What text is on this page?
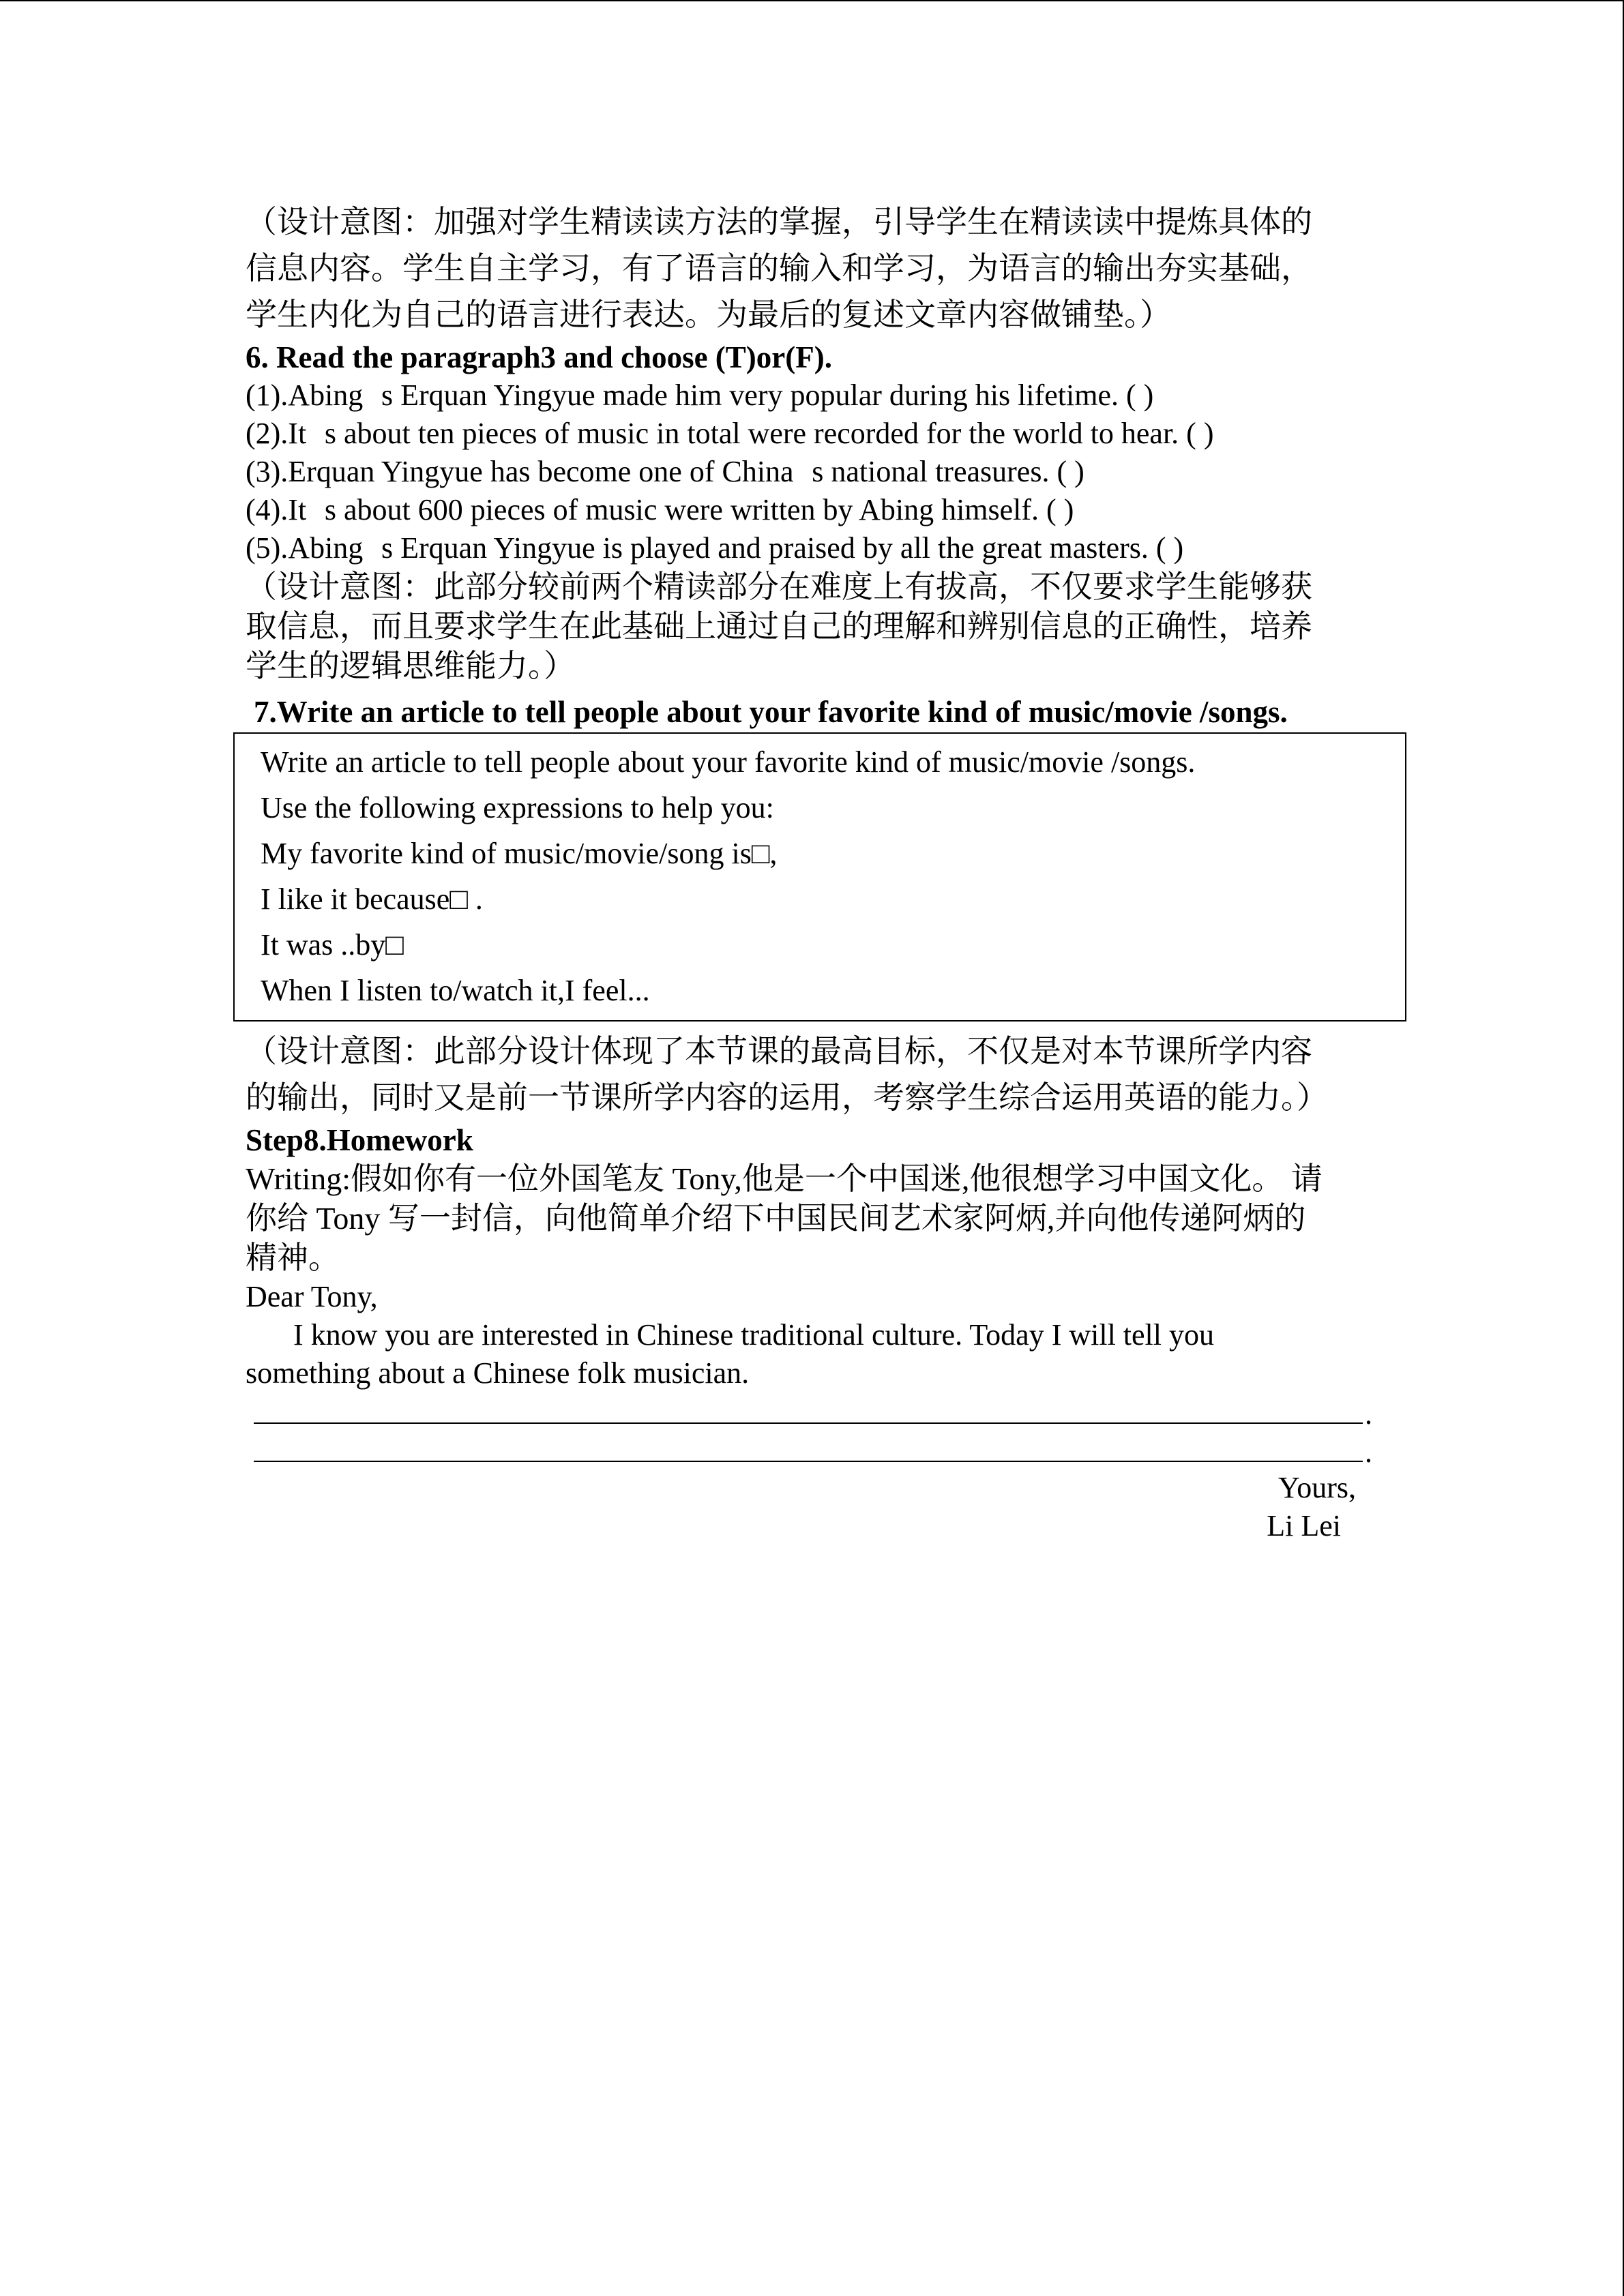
（设计意图：加强对学生精读读方法的掌握，引导学生在精读读中提炼具体的
信息内容。学生自主学习，有了语言的输入和学习，为语言的输出夯实基础，
学生内化为自己的语言进行表达。为最后的复述文章内容做铺垫。）
6. Read the paragraph3 and choose (T)or(F).
(1).Abings Erquan Yingyue made him very popular during his lifetime. ( )
(2).Its about ten pieces of music in total were recorded for the world to hear. ( )
(3).Erquan Yingyue has become one of Chinas national treasures. ( )
(4).Its about 600 pieces of music were written by Abing himself. ( )
(5).Abings Erquan Yingyue is played and praised by all the great masters. ( )
（设计意图：此部分较前两个精读部分在难度上有拔高，不仅要求学生能够获
取信息，而且要求学生在此基础上通过自己的理解和辨别信息的正确性，培养
学生的逻辑思维能力。）
7.Write an article to tell people about your favorite kind of music/movie /songs.
Write an article to tell people about your favorite kind of music/movie /songs.
Use the following expressions to help you:
My favorite kind of music/movie/song is□,
I like it because□ .
It was ..by□
When I listen to/watch it,I feel...
（设计意图：此部分设计体现了本节课的最高目标，不仅是对本节课所学内容
的输出，同时又是前一节课所学内容的运用，考察学生综合运用英语的能力。）
Step8.Homework
Writing:假如你有一位外国笔友 Tony,他是一个中国迷,他很想学习中国文化。 请
你给 Tony 写一封信，向他简单介绍下中国民间艺术家阿炳,并向他传递阿炳的
精神。
Dear Tony,
I know you are interested in Chinese traditional culture. Today I will tell you
something about a Chinese folk musician.
.
.
Yours,
Li Lei
